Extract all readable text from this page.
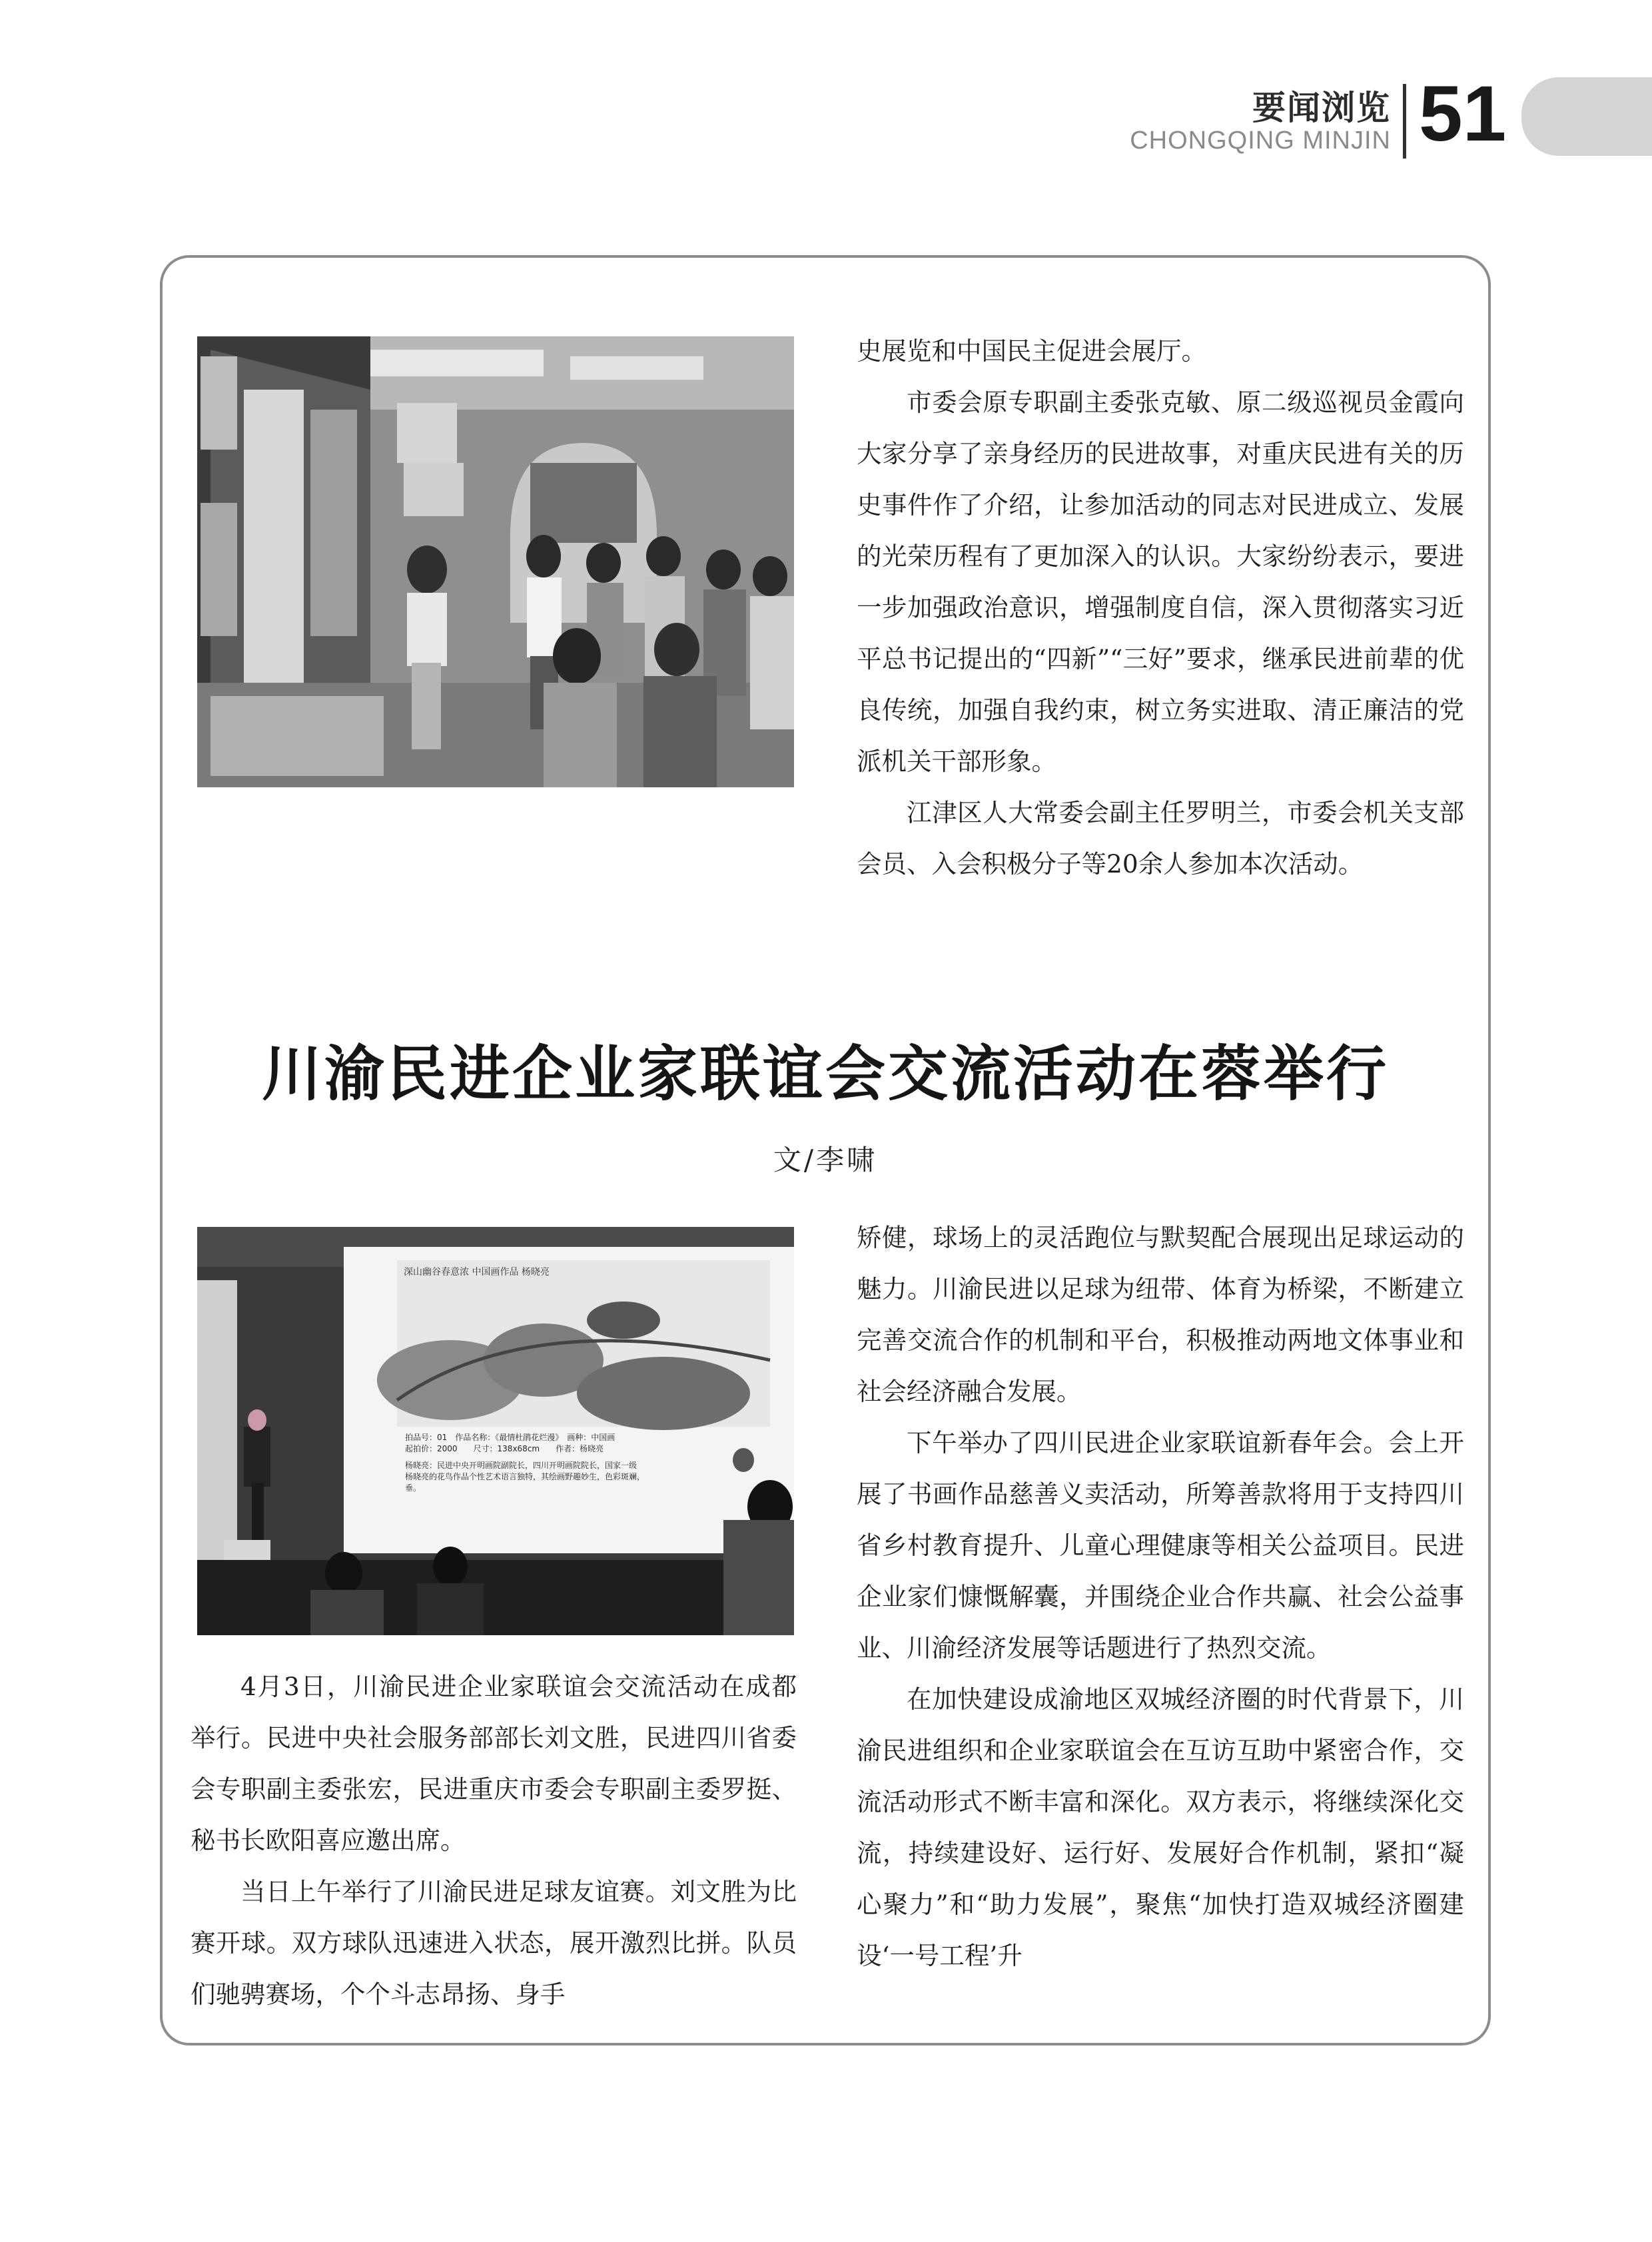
要闻浏览
CHONGQING MINJIN 51

史展览和中国民主促进会展厅。

市委会原专职副主委张克敏、原二级巡视员金霞向大家分享了亲身经历的民进故事，对重庆民进有关的历史事件作了介绍，让参加活动的同志对民进成立、发展的光荣历程有了更加深入的认识。大家纷纷表示，要进一步加强政治意识，增强制度自信，深入贯彻落实习近平总书记提出的“四新”“三好”要求，继承民进前辈的优良传统，加强自我约束，树立务实进取、清正廉洁的党派机关干部形象。

江津区人大常委会副主任罗明兰，市委会机关支部会员、入会积极分子等20余人参加本次活动。

川渝民进企业家联谊会交流活动在蓉举行
文/李啸
深山幽谷春意浓 中国画作品 杨晓亮
拍品号：01　作品名称：《最情杜鹃花烂漫》　画种：中国画
起拍价：2000　　尺寸：138x68cm　　作者：杨晓亮
杨晓亮：民进中央开明画院副院长，四川开明画院院长，国家一级
杨晓亮的花鸟作品个性艺术语言独特，其绘画野趣妙生，色彩斑斓，
垂。

4月3日，川渝民进企业家联谊会交流活动在成都举行。民进中央社会服务部部长刘文胜，民进四川省委会专职副主委张宏，民进重庆市委会专职副主委罗挺、秘书长欧阳喜应邀出席。

当日上午举行了川渝民进足球友谊赛。刘文胜为比赛开球。双方球队迅速进入状态，展开激烈比拼。队员们驰骋赛场，个个斗志昂扬、身手

矫健，球场上的灵活跑位与默契配合展现出足球运动的魅力。川渝民进以足球为纽带、体育为桥梁，不断建立完善交流合作的机制和平台，积极推动两地文体事业和社会经济融合发展。

下午举办了四川民进企业家联谊新春年会。会上开展了书画作品慈善义卖活动，所筹善款将用于支持四川省乡村教育提升、儿童心理健康等相关公益项目。民进企业家们慷慨解囊，并围绕企业合作共赢、社会公益事业、川渝经济发展等话题进行了热烈交流。

在加快建设成渝地区双城经济圈的时代背景下，川渝民进组织和企业家联谊会在互访互助中紧密合作，交流活动形式不断丰富和深化。双方表示，将继续深化交流，持续建设好、运行好、发展好合作机制，紧扣“凝心聚力”和“助力发展”，聚焦“加快打造双城经济圈建设‘一号工程’升
